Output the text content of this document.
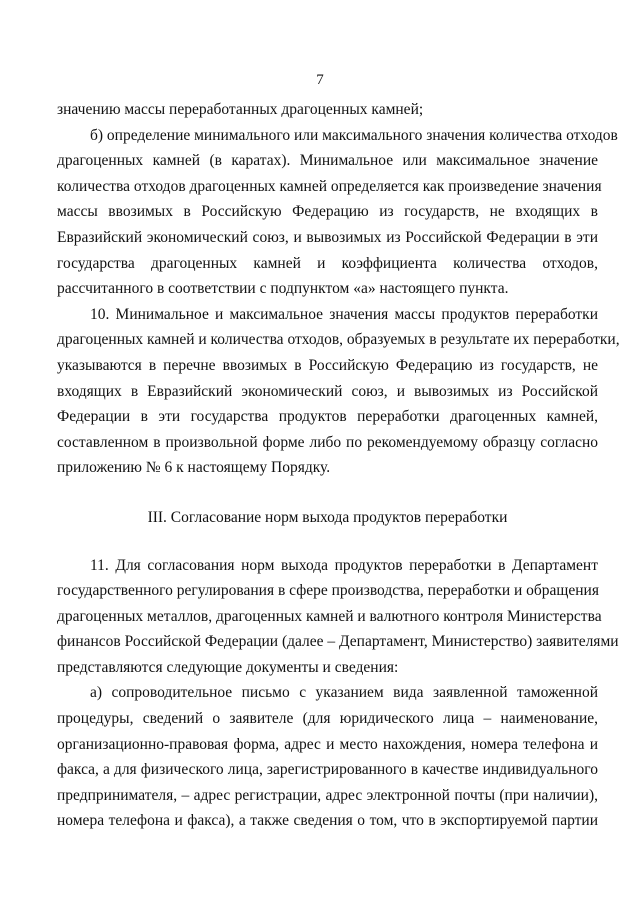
7
значению массы переработанных драгоценных камней;
б) определение минимального или максимального значения количества отходов
драгоценных камней (в каратах). Минимальное или максимальное значение
количества отходов драгоценных камней определяется как произведение значения
массы ввозимых в Российскую Федерацию из государств, не входящих в
Евразийский экономический союз, и вывозимых из Российской Федерации в эти
государства драгоценных камней и коэффициента количества отходов,
рассчитанного в соответствии с подпунктом «а» настоящего пункта.
10. Минимальное и максимальное значения массы продуктов переработки
драгоценных камней и количества отходов, образуемых в результате их переработки,
указываются в перечне ввозимых в Российскую Федерацию из государств, не
входящих в Евразийский экономический союз, и вывозимых из Российской
Федерации в эти государства продуктов переработки драгоценных камней,
составленном в произвольной форме либо по рекомендуемому образцу согласно
приложению № 6 к настоящему Порядку.
III. Согласование норм выхода продуктов переработки
11. Для согласования норм выхода продуктов переработки в Департамент
государственного регулирования в сфере производства, переработки и обращения
драгоценных металлов, драгоценных камней и валютного контроля Министерства
финансов Российской Федерации (далее – Департамент, Министерство) заявителями
представляются следующие документы и сведения:
а) сопроводительное письмо с указанием вида заявленной таможенной
процедуры, сведений о заявителе (для юридического лица – наименование,
организационно-правовая форма, адрес и место нахождения, номера телефона и
факса, а для физического лица, зарегистрированного в качестве индивидуального
предпринимателя, – адрес регистрации, адрес электронной почты (при наличии),
номера телефона и факса), а также сведения о том, что в экспортируемой партии
